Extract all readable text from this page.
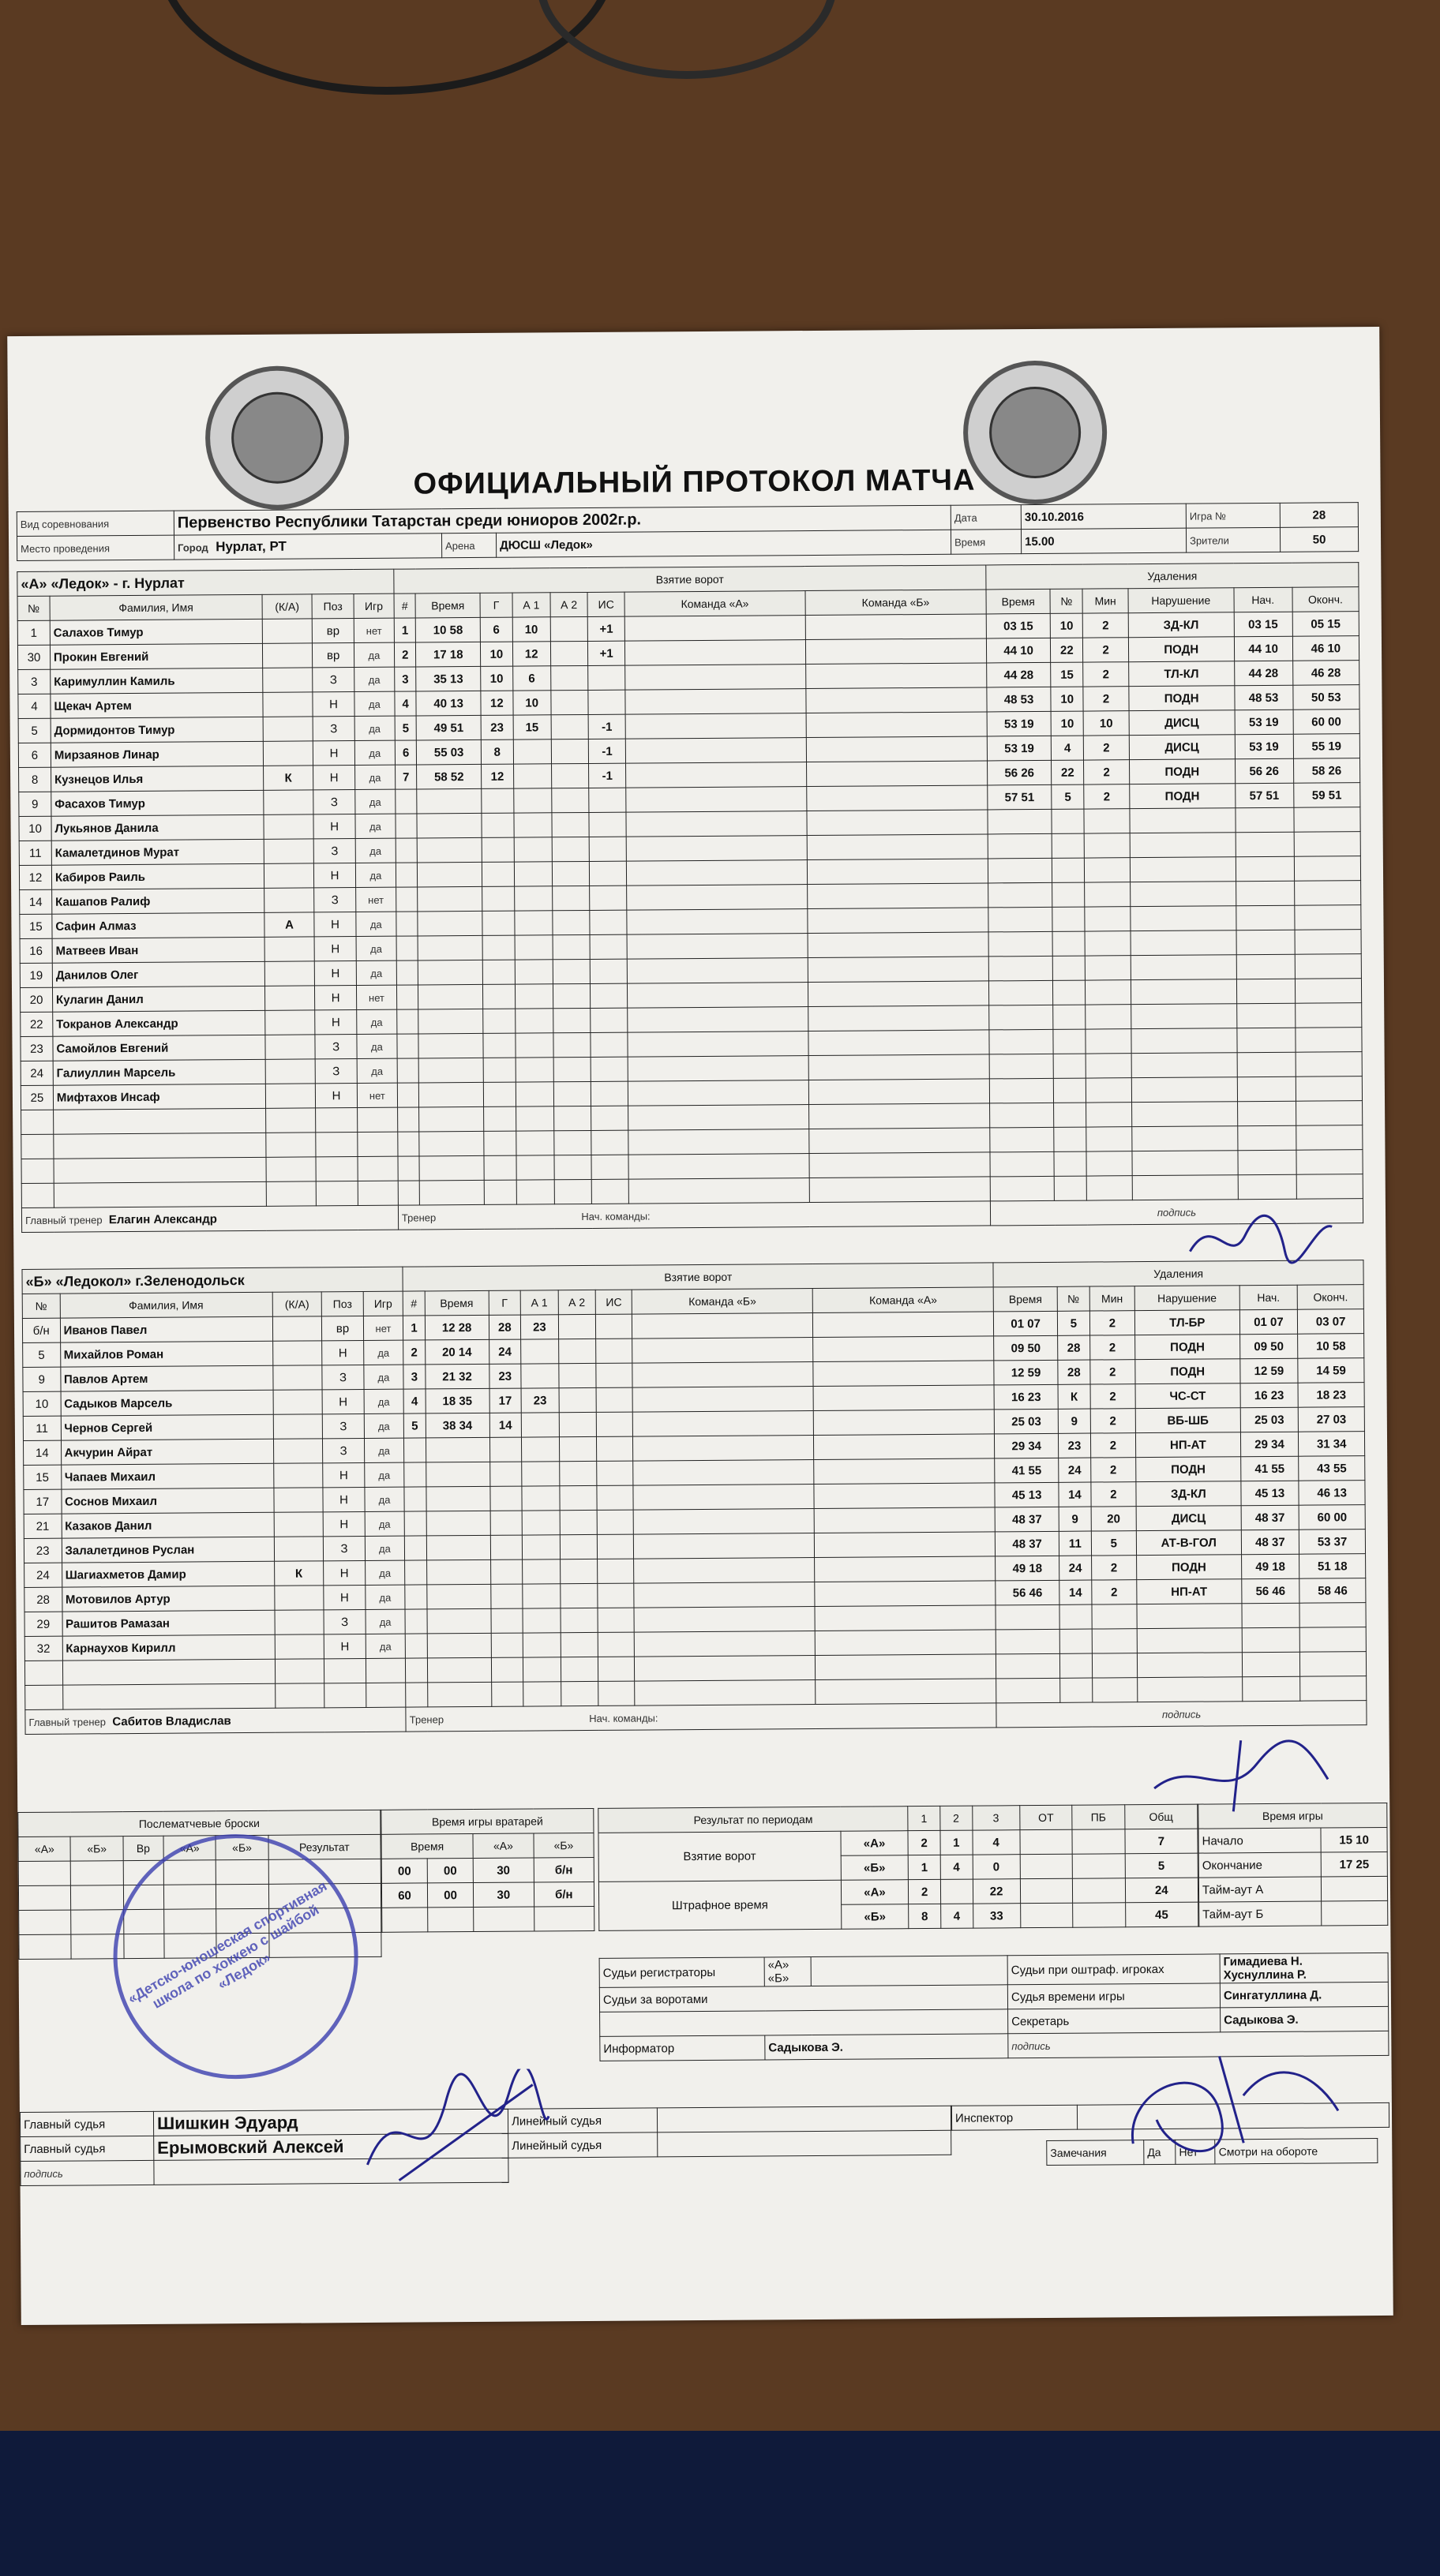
ОФИЦИАЛЬНЫЙ ПРОТОКОЛ МАТЧА
Вид соревнования	Первенство Республики Татарстан среди юниоров 2002г.р.			Дата	30.10.2016	Игра №	28
Место проведения	Город Нурлат, РТ	Арена	ДЮСШ «Ледок»	Время	15.00	Зрители	50
«А» «Ледок» - г. Нурлат					Взятие ворот								Удаления					
№	Фамилия, Имя	(К/А)	Поз	Игр	#	Время	Г	А 1	А 2	ИС	Команда «А»	Команда «Б»	Время	№	Мин	Нарушение	Нач.	Оконч.
1	Салахов Тимур		вр	нет	1	10 58	6	10		+1			03 15	10	2	ЗД-КЛ	03 15	05 15
30	Прокин Евгений		вр	да	2	17 18	10	12		+1			44 10	22	2	ПОДН	44 10	46 10
3	Каримуллин Камиль		З	да	3	35 13	10	6					44 28	15	2	ТЛ-КЛ	44 28	46 28
4	Щекач Артем		Н	да	4	40 13	12	10					48 53	10	2	ПОДН	48 53	50 53
5	Дормидонтов Тимур		З	да	5	49 51	23	15		-1			53 19	10	10	ДИСЦ	53 19	60 00
6	Мирзаянов Линар		Н	да	6	55 03	8			-1			53 19	4	2	ДИСЦ	53 19	55 19
8	Кузнецов Илья	К	Н	да	7	58 52	12			-1			56 26	22	2	ПОДН	56 26	58 26
9	Фасахов Тимур		З	да									57 51	5	2	ПОДН	57 51	59 51
10	Лукьянов Данила		Н	да														
11	Камалетдинов Мурат		З	да														
12	Кабиров Раиль		Н	да														
14	Кашапов Ралиф		З	нет														
15	Сафин Алмаз	А	Н	да														
16	Матвеев Иван		Н	да														
19	Данилов Олег		Н	да														
20	Кулагин Данил		Н	нет														
22	Токранов Александр		Н	да														
23	Самойлов Евгений		З	да														
24	Галиуллин Марсель		З	да														
25	Мифтахов Инсаф		Н	нет														

Главный тренер Елагин Александр					Тренер Нач. команды:								подпись					
«Б» «Ледокол» г.Зеленодольск					Взятие ворот								Удаления					
№	Фамилия, Имя	(К/А)	Поз	Игр	#	Время	Г	А 1	А 2	ИС	Команда «Б»	Команда «А»	Время	№	Мин	Нарушение	Нач.	Оконч.
б/н	Иванов Павел		вр	нет	1	12 28	28	23					01 07	5	2	ТЛ-БР	01 07	03 07
5	Михайлов Роман		Н	да	2	20 14	24						09 50	28	2	ПОДН	09 50	10 58
9	Павлов Артем		З	да	3	21 32	23						12 59	28	2	ПОДН	12 59	14 59
10	Садыков Марсель		Н	да	4	18 35	17	23					16 23	К	2	ЧС-СТ	16 23	18 23
11	Чернов Сергей		З	да	5	38 34	14						25 03	9	2	ВБ-ШБ	25 03	27 03
14	Акчурин Айрат		З	да									29 34	23	2	НП-АТ	29 34	31 34
15	Чапаев Михаил		Н	да									41 55	24	2	ПОДН	41 55	43 55
17	Соснов Михаил		Н	да									45 13	14	2	ЗД-КЛ	45 13	46 13
21	Казаков Данил		Н	да									48 37	9	20	ДИСЦ	48 37	60 00
23	Залалетдинов Руслан		З	да									48 37	11	5	АТ-В-ГОЛ	48 37	53 37
24	Шагиахметов Дамир	К	Н	да									49 18	24	2	ПОДН	49 18	51 18
28	Мотовилов Артур		Н	да									56 46	14	2	НП-АТ	56 46	58 46
29	Рашитов Рамазан		З	да														
32	Карнаухов Кирилл		Н	да														

Главный тренер Сабитов Владислав					Тренер Нач. команды:								подпись					
Послематчевые броски					
«А»	«Б»	Вр	«А»	«Б»	Результат

Время игры вратарей			
Время		«А»	«Б»
00	00	30	б/н
60	00	30	б/н

Результат по периодам		1	2	3	ОТ	ПБ	Общ
Взятие ворот	«А»	2	1	4			7
	«Б»	1	4	0			5
Штрафное время	«А»	2		22			24
	«Б»	8	4	33			45
Время игры	
Начало	15 10
Окончание	17 25
Тайм-аут А	
Тайм-аут Б	
Судьи регистраторы	«А»
«Б»		Судьи при оштраф. игроках	Гимадиева Н.
Хуснуллина Р.
Судьи за воротами			Судья времени игры	Сингатуллина Д.
			Секретарь	Садыкова Э.
Информатор	Садыкова Э.		подпись	
Главный судья	Шишкин Эдуард	Линейный судья	
Главный судья	Ерымовский Алексей	Линейный судья	
подпись			
Инспектор	
Замечания	Да	Нет	Смотри на обороте
«Детско-юношеская спортивная школа по хоккею с шайбой «Ледок»
